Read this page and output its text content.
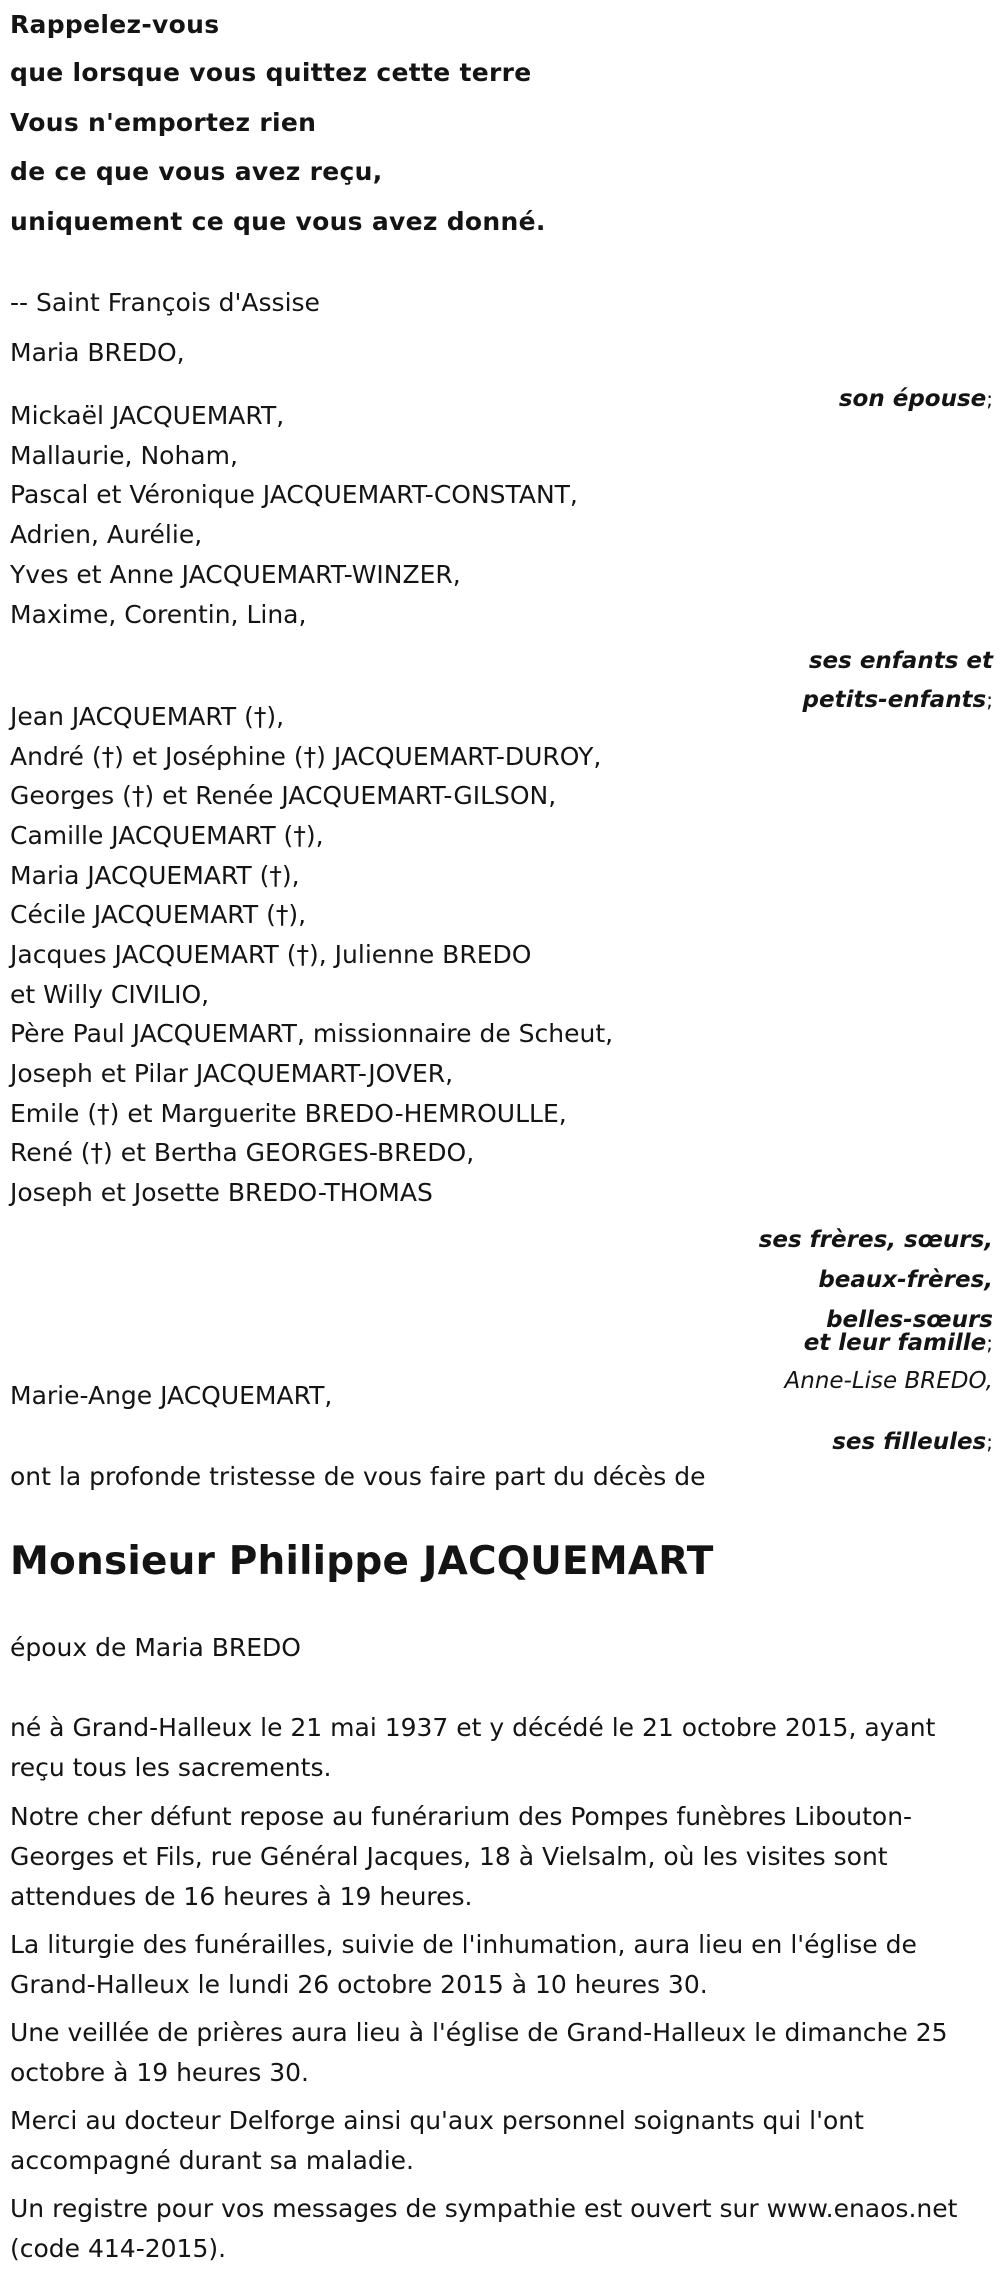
Rappelez-vous

que lorsque vous quittez cette terre

Vous n'emportez rien

de ce que vous avez reçu,

uniquement ce que vous avez donné.

-- Saint François d'Assise

Maria BREDO,

son épouse;

Mickaël JACQUEMART,

Mallaurie, Noham,

Pascal et Véronique JACQUEMART-CONSTANT,

Adrien, Aurélie,

Yves et Anne JACQUEMART-WINZER,

Maxime, Corentin, Lina,

ses enfants et

petits-enfants;

Jean JACQUEMART (†),

André (†) et Joséphine (†) JACQUEMART-DUROY,

Georges (†) et Renée JACQUEMART-GILSON,

Camille JACQUEMART (†),

Maria JACQUEMART (†),

Cécile JACQUEMART (†),

Jacques JACQUEMART (†), Julienne BREDO

et Willy CIVILIO,

Père Paul JACQUEMART, missionnaire de Scheut,

Joseph et Pilar JACQUEMART-JOVER,

Emile (†) et Marguerite BREDO-HEMROULLE,

René (†) et Bertha GEORGES-BREDO,

Joseph et Josette BREDO-THOMAS

ses frères, sœurs,

beaux-frères,

belles-sœurs

et leur famille;

Anne-Lise BREDO,

Marie-Ange JACQUEMART,

ses filleules;

ont la profonde tristesse de vous faire part du décès de

Monsieur Philippe JACQUEMART

époux de Maria BREDO

né à Grand-Halleux le 21 mai 1937 et y décédé le 21 octobre 2015, ayant reçu tous les sacrements.

Notre cher défunt repose au funérarium des Pompes funèbres Libouton-Georges et Fils, rue Général Jacques, 18 à Vielsalm, où les visites sont attendues de 16 heures à 19 heures.

La liturgie des funérailles, suivie de l'inhumation, aura lieu en l'église de Grand-Halleux le lundi 26 octobre 2015 à 10 heures 30.

Une veillée de prières aura lieu à l'église de Grand-Halleux le dimanche 25 octobre à 19 heures 30.

Merci au docteur Delforge ainsi qu'aux personnel soignants qui l'ont accompagné durant sa maladie.

Un registre pour vos messages de sympathie est ouvert sur www.enaos.net (code 414-2015).
